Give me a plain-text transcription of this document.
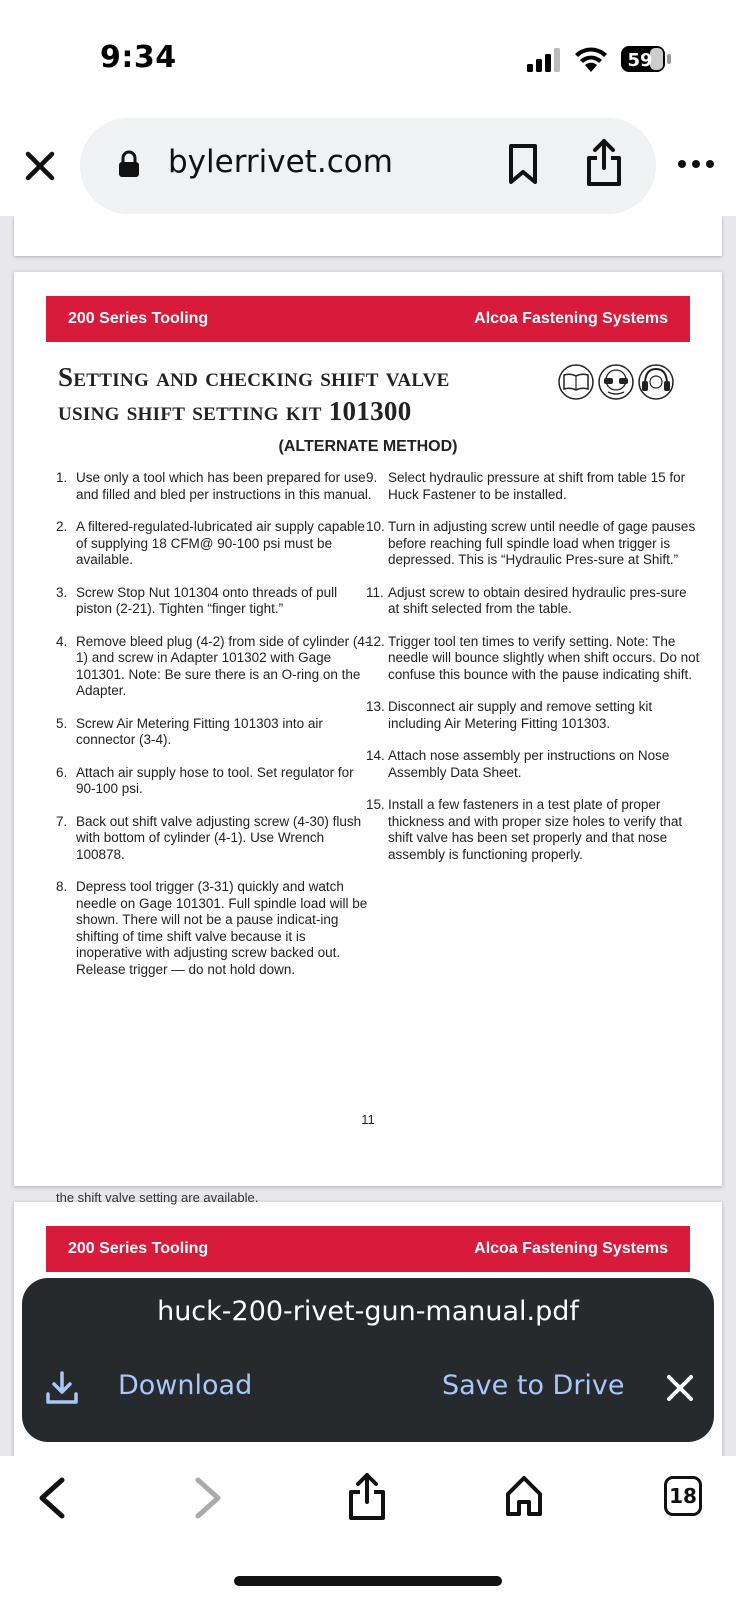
9:34	59
bylerrivet.com
200 Series Tooling	Alcoa Fastening Systems
Setting and checking shift valve
using shift setting kit 101300
(ALTERNATE METHOD)
1. Use only a tool which has been prepared for use and filled and bled per instructions in this manual.
2. A filtered-regulated-lubricated air supply capable of supplying 18 CFM@ 90-100 psi must be available.
3. Screw Stop Nut 101304 onto threads of pull piston (2-21). Tighten “finger tight.”
4. Remove bleed plug (4-2) from side of cylinder (4-1) and screw in Adapter 101302 with Gage 101301. Note: Be sure there is an O-ring on the Adapter.
5. Screw Air Metering Fitting 101303 into air connector (3-4).
6. Attach air supply hose to tool. Set regulator for 90-100 psi.
7. Back out shift valve adjusting screw (4-30) flush with bottom of cylinder (4-1). Use Wrench 100878.
8. Depress tool trigger (3-31) quickly and watch needle on Gage 101301. Full spindle load will be shown. There will not be a pause indicat-ing shifting of time shift valve because it is inoperative with adjusting screw backed out. Release trigger — do not hold down.
9. Select hydraulic pressure at shift from table 15 for Huck Fastener to be installed.
10. Turn in adjusting screw until needle of gage pauses before reaching full spindle load when trigger is depressed. This is “Hydraulic Pres-sure at Shift.”
11. Adjust screw to obtain desired hydraulic pres-sure at shift selected from the table.
12. Trigger tool ten times to verify setting. Note: The needle will bounce slightly when shift occurs. Do not confuse this bounce with the pause indicating shift.
13. Disconnect air supply and remove setting kit including Air Metering Fitting 101303.
14. Attach nose assembly per instructions on Nose Assembly Data Sheet.
15. Install a few fasteners in a test plate of proper thickness and with proper size holes to verify that shift valve has been set properly and that nose assembly is functioning properly.
11
200 Series Tooling	Alcoa Fastening Systems
the shift valve setting are available.
huck-200-rivet-gun-manual.pdf
Download	Save to Drive
18
